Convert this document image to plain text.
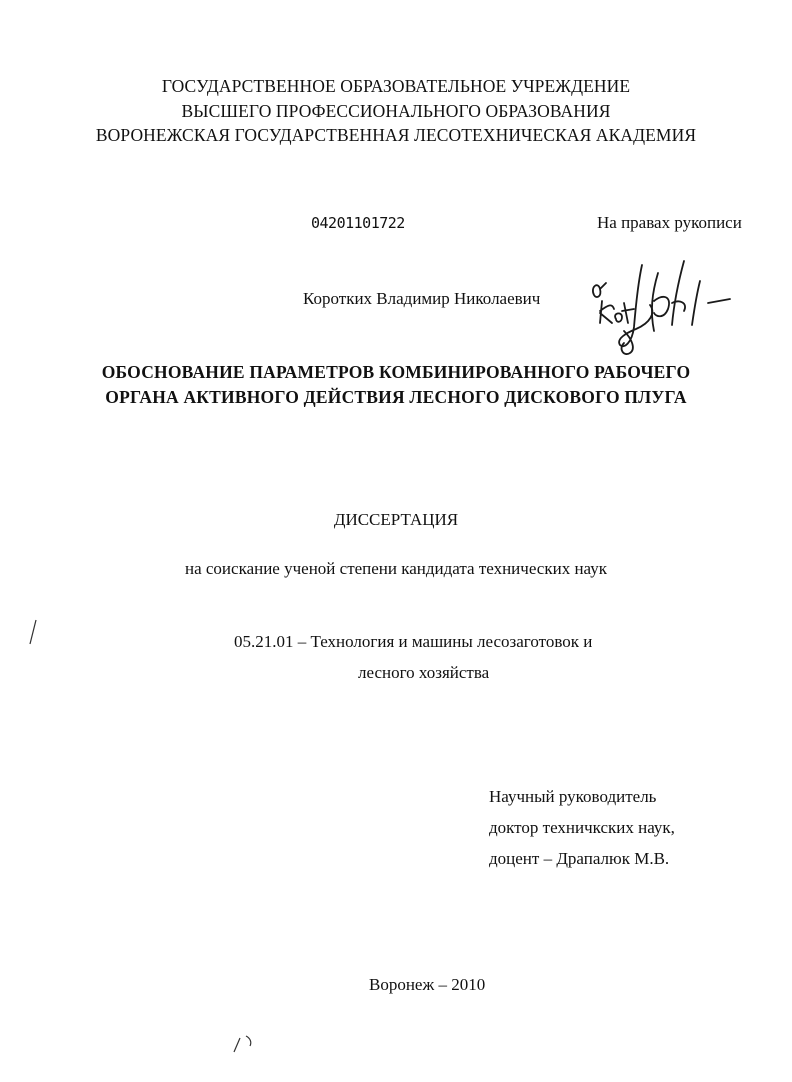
ГОСУДАРСТВЕННОЕ ОБРАЗОВАТЕЛЬНОЕ УЧРЕЖДЕНИЕ
ВЫСШЕГО ПРОФЕССИОНАЛЬНОГО ОБРАЗОВАНИЯ
ВОРОНЕЖСКАЯ ГОСУДАРСТВЕННАЯ ЛЕСОТЕХНИЧЕСКАЯ АКАДЕМИЯ
04201101722	На правах рукописи
Коротких Владимир Николаевич
ОБОСНОВАНИЕ ПАРАМЕТРОВ КОМБИНИРОВАННОГО РАБОЧЕГО
ОРГАНА АКТИВНОГО ДЕЙСТВИЯ ЛЕСНОГО ДИСКОВОГО ПЛУГА
ДИССЕРТАЦИЯ
на соискание ученой степени кандидата технических наук
05.21.01 – Технология и машины лесозаготовок и
лесного хозяйства
Научный руководитель
доктор техничкских наук,
доцент – Драпалюк М.В.
Воронеж – 2010
